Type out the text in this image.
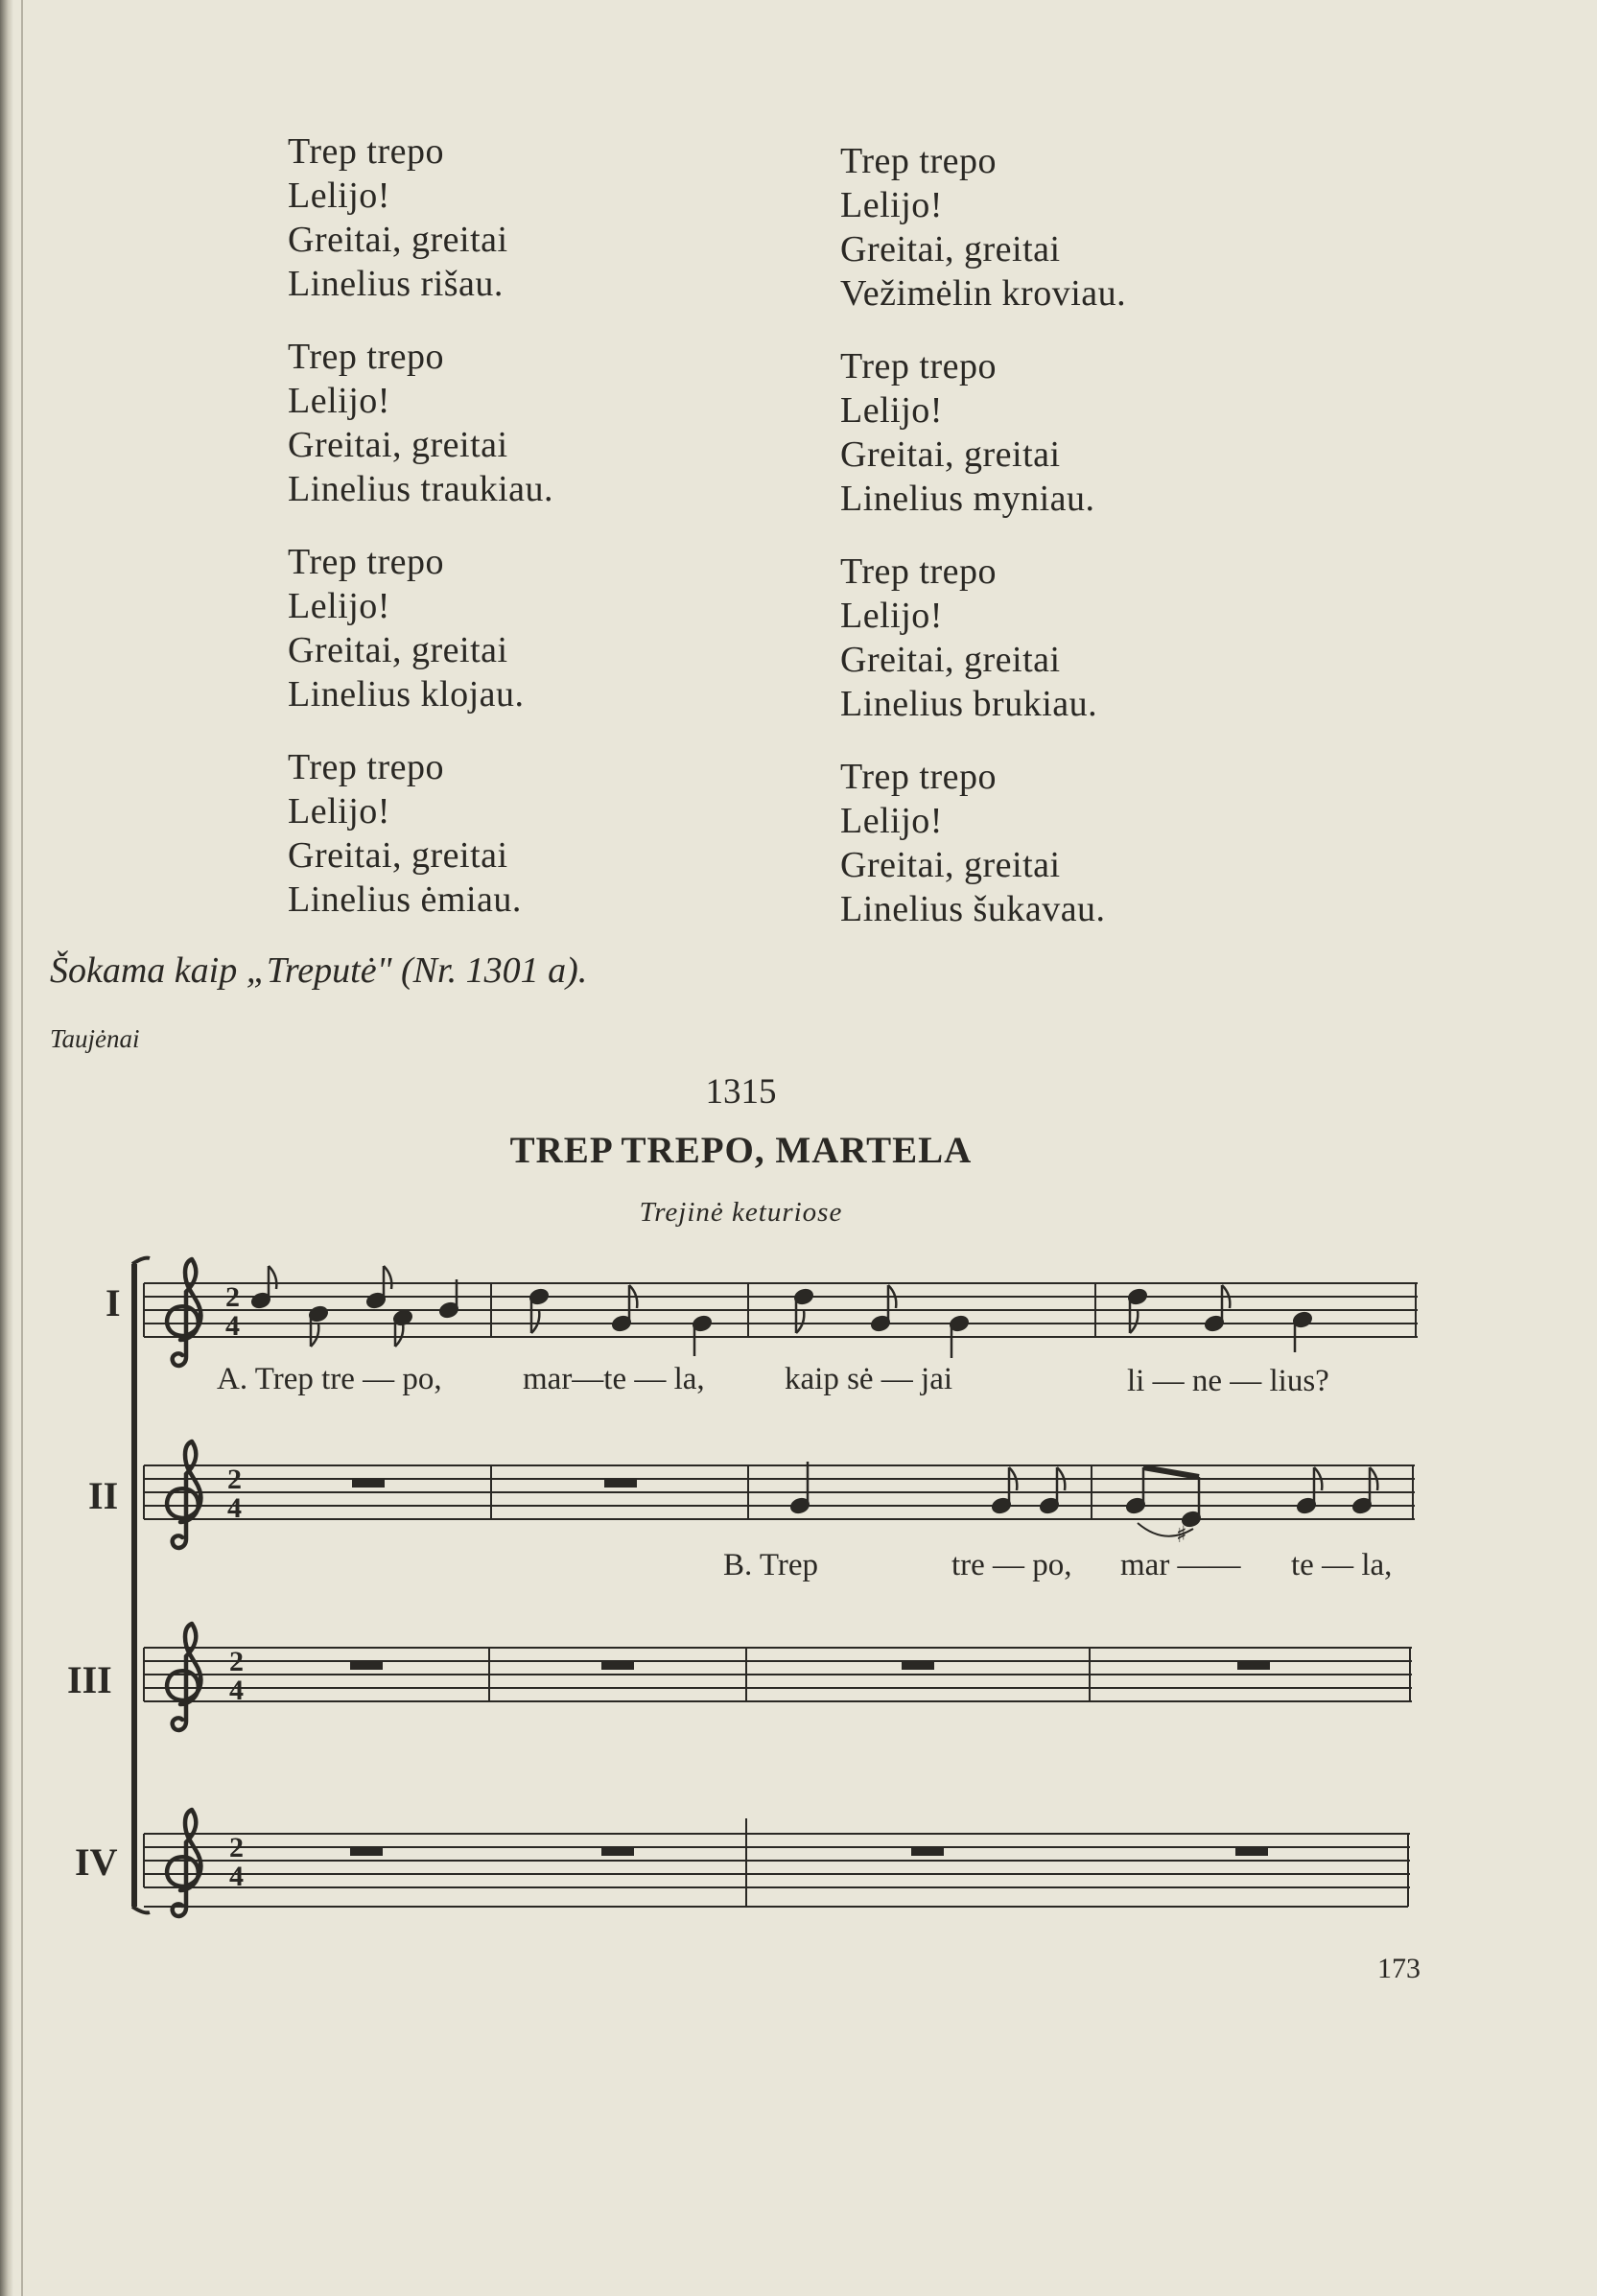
Trep trepo
Lelijo!
Greitai, greitai
Linelius rišau.
Trep trepo
Lelijo!
Greitai, greitai
Linelius traukiau.
Trep trepo
Lelijo!
Greitai, greitai
Linelius klojau.
Trep trepo
Lelijo!
Greitai, greitai
Linelius ėmiau.
Trep trepo
Lelijo!
Greitai, greitai
Vežimėlin kroviau.
Trep trepo
Lelijo!
Greitai, greitai
Linelius myniau.
Trep trepo
Lelijo!
Greitai, greitai
Linelius brukiau.
Trep trepo
Lelijo!
Greitai, greitai
Linelius šukavau.
Šokama kaip „Treputė" (Nr. 1301 a).
Taujėnai
1315
TREP TREPO, MARTELA
Trejinė keturiose
2
4
2
4
♯
2
4
2
4
I
II
III
IV
A. Trep tre — po,	mar—te — la,	kaip sė — jai	li — ne — lius?
B. Trep	tre — po, mar —— te — la,
173
